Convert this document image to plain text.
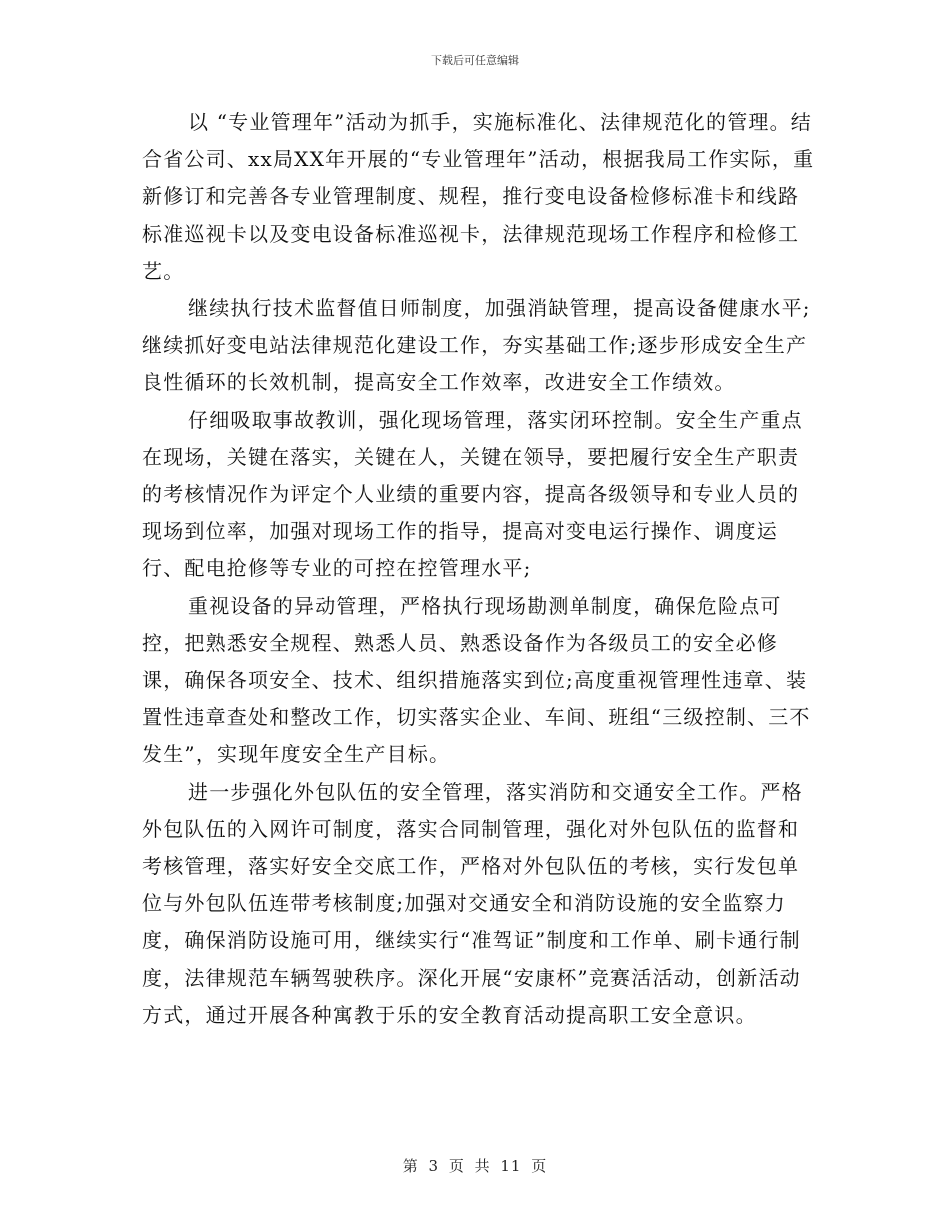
下载后可任意编辑

以 “专业管理年”活动为抓手，实施标准化、法律规范化的管理。结合省公司、xx局XX年开展的“专业管理年”活动，根据我局工作实际，重新修订和完善各专业管理制度、规程，推行变电设备检修标准卡和线路标准巡视卡以及变电设备标准巡视卡，法律规范现场工作程序和检修工艺。

继续执行技术监督值日师制度，加强消缺管理，提高设备健康水平;继续抓好变电站法律规范化建设工作，夯实基础工作;逐步形成安全生产良性循环的长效机制，提高安全工作效率，改进安全工作绩效。

仔细吸取事故教训，强化现场管理，落实闭环控制。安全生产重点在现场，关键在落实，关键在人，关键在领导，要把履行安全生产职责的考核情况作为评定个人业绩的重要内容，提高各级领导和专业人员的现场到位率，加强对现场工作的指导，提高对变电运行操作、调度运行、配电抢修等专业的可控在控管理水平;

重视设备的异动管理，严格执行现场勘测单制度，确保危险点可控，把熟悉安全规程、熟悉人员、熟悉设备作为各级员工的安全必修课，确保各项安全、技术、组织措施落实到位;高度重视管理性违章、装置性违章查处和整改工作，切实落实企业、车间、班组“三级控制、三不发生”，实现年度安全生产目标。

进一步强化外包队伍的安全管理，落实消防和交通安全工作。严格外包队伍的入网许可制度，落实合同制管理，强化对外包队伍的监督和考核管理，落实好安全交底工作，严格对外包队伍的考核，实行发包单位与外包队伍连带考核制度;加强对交通安全和消防设施的安全监察力度，确保消防设施可用，继续实行“准驾证”制度和工作单、刷卡通行制度，法律规范车辆驾驶秩序。深化开展“安康杯”竞赛活活动，创新活动方式，通过开展各种寓教于乐的安全教育活动提高职工安全意识。

第 3 页 共 11 页
